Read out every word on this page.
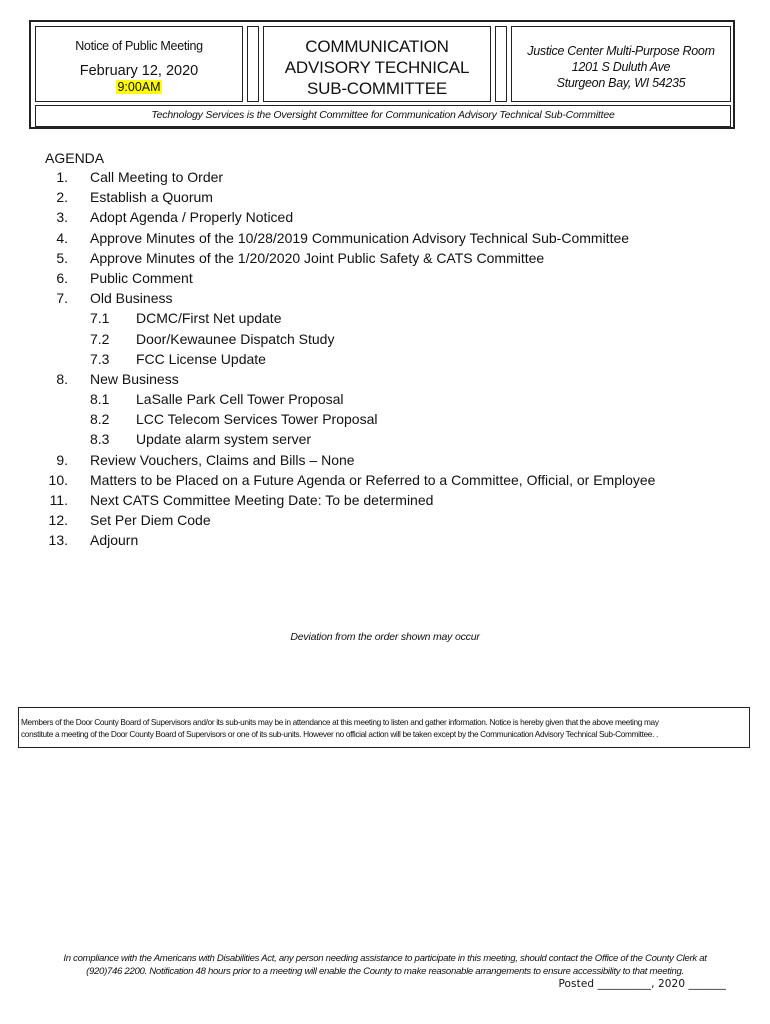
Notice of Public Meeting
February 12, 2020
9:00AM
COMMUNICATION
ADVISORY TECHNICAL
SUB-COMMITTEE
Justice Center Multi-Purpose Room
1201 S Duluth Ave
Sturgeon Bay, WI 54235
Technology Services is the Oversight Committee for Communication Advisory Technical Sub-Committee
AGENDA
1. Call Meeting to Order
2. Establish a Quorum
3. Adopt Agenda / Properly Noticed
4. Approve Minutes of the 10/28/2019 Communication Advisory Technical Sub-Committee
5. Approve Minutes of the 1/20/2020 Joint Public Safety & CATS Committee
6. Public Comment
7. Old Business
7.1 DCMC/First Net update
7.2 Door/Kewaunee Dispatch Study
7.3 FCC License Update
8. New Business
8.1 LaSalle Park Cell Tower Proposal
8.2 LCC Telecom Services Tower Proposal
8.3 Update alarm system server
9. Review Vouchers, Claims and Bills – None
10. Matters to be Placed on a Future Agenda or Referred to a Committee, Official, or Employee
11. Next CATS Committee Meeting Date: To be determined
12. Set Per Diem Code
13. Adjourn
Deviation from the order shown may occur
Members of the Door County Board of Supervisors and/or its sub-units may be in attendance at this meeting to listen and gather information. Notice is hereby given that the above meeting may
constitute a meeting of the Door County Board of Supervisors or one of its sub-units. However no official action will be taken except by the Communication Advisory Technical Sub-Committee. .
In compliance with the Americans with Disabilities Act, any person needing assistance to participate in this meeting, should contact the Office of the County Clerk at
(920)746 2200. Notification 48 hours prior to a meeting will enable the County to make reasonable arrangements to ensure accessibility to that meeting.
Posted __________, 2020 _______
